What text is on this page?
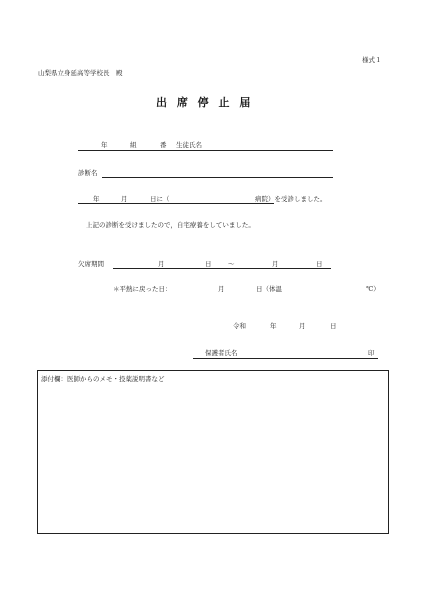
様式１
山梨県立身延高等学校長　殿
出 席 停 止 届
年	組	番 生徒氏名
診断名
年	月	日に（	病院）を受診しました。
上記の診断を受けましたので，自宅療養をしていました。
欠席期間	月	日	～	月	日
＊平熱に戻った日：	月	日（体温	℃）
令和	年	月	日
保護者氏名	印
添付欄：医師からのメモ・投薬説明書など
